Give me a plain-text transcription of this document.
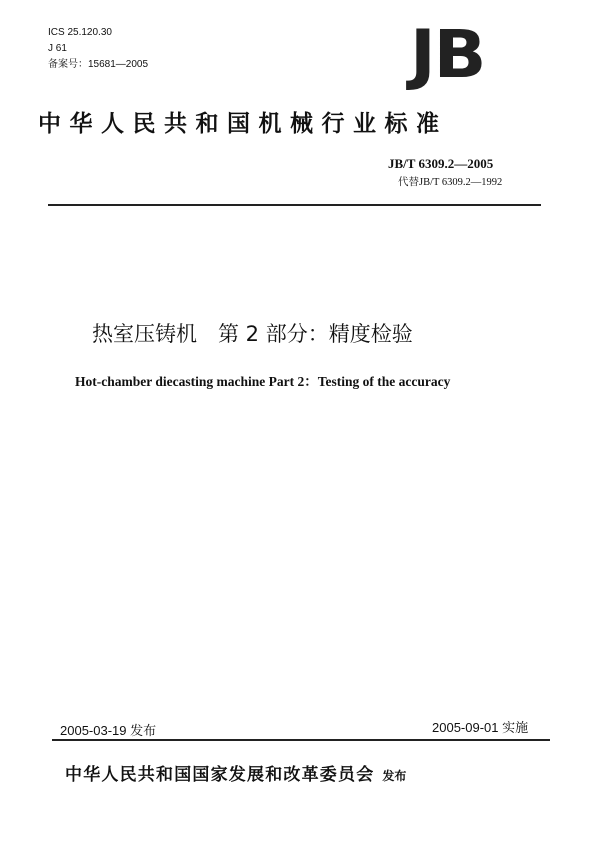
ICS 25.120.30
J 61
备案号：15681—2005	JB
中华人民共和国机械行业标准
JB/T 6309.2—2005
代替JB/T 6309.2—1992
热室压铸机　第 2 部分：精度检验
Hot-chamber diecasting machine Part 2：Testing of the accuracy
2005-03-19 发布	2005-09-01 实施
中华人民共和国国家发展和改革委员会 发布
